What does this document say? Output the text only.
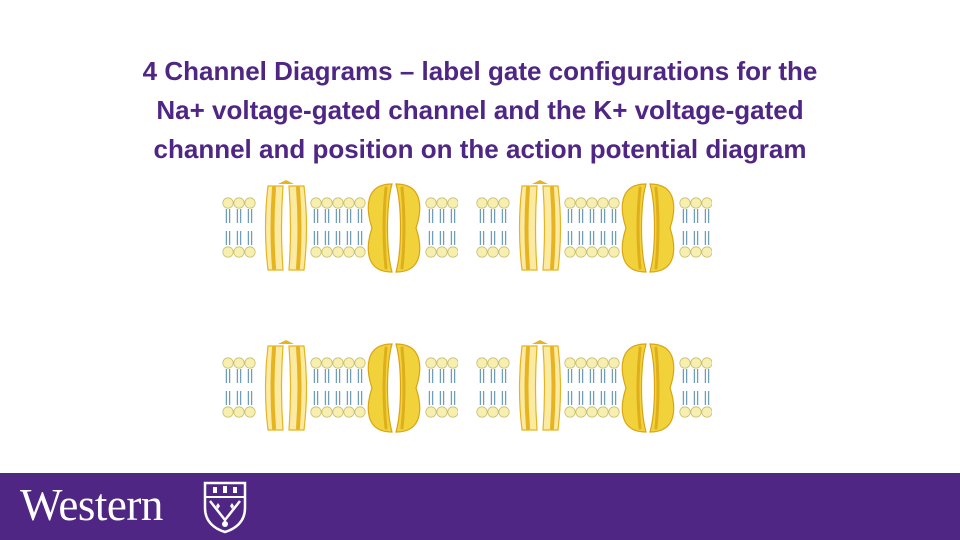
4 Channel Diagrams – label gate configurations for the
Na+ voltage-gated channel and the K+ voltage-gated
channel and position on the action potential diagram
Western
